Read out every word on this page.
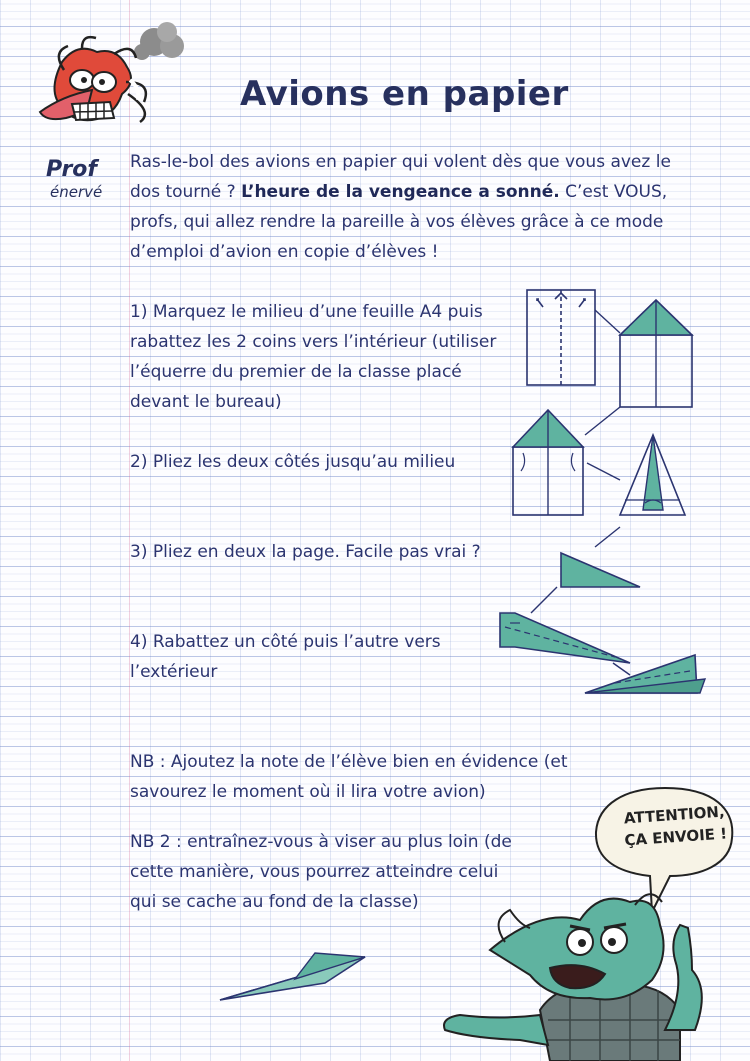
Prof
énervé
Avions en papier

Ras-le-bol des avions en papier qui volent dès que vous avez le dos tourné ? L’heure de la vengeance a sonné. C’est VOUS, profs, qui allez rendre la pareille à vos élèves grâce à ce mode d’emploi d’avion en copie d’élèves !

1) Marquez le milieu d’une feuille A4 puis rabattez les 2 coins vers l’intérieur (utiliser l’équerre du premier de la classe placé devant le bureau)

2) Pliez les deux côtés jusqu’au milieu

3) Pliez en deux la page. Facile pas vrai ?

4) Rabattez un côté puis l’autre vers l’extérieur

NB : Ajoutez la note de l’élève bien en évidence (et savourez le moment où il lira votre avion)

NB 2 : entraînez-vous à viser au plus loin (de cette manière, vous pourrez atteindre celui qui se cache au fond de la classe)

ATTENTION,
ÇA ENVOIE !
